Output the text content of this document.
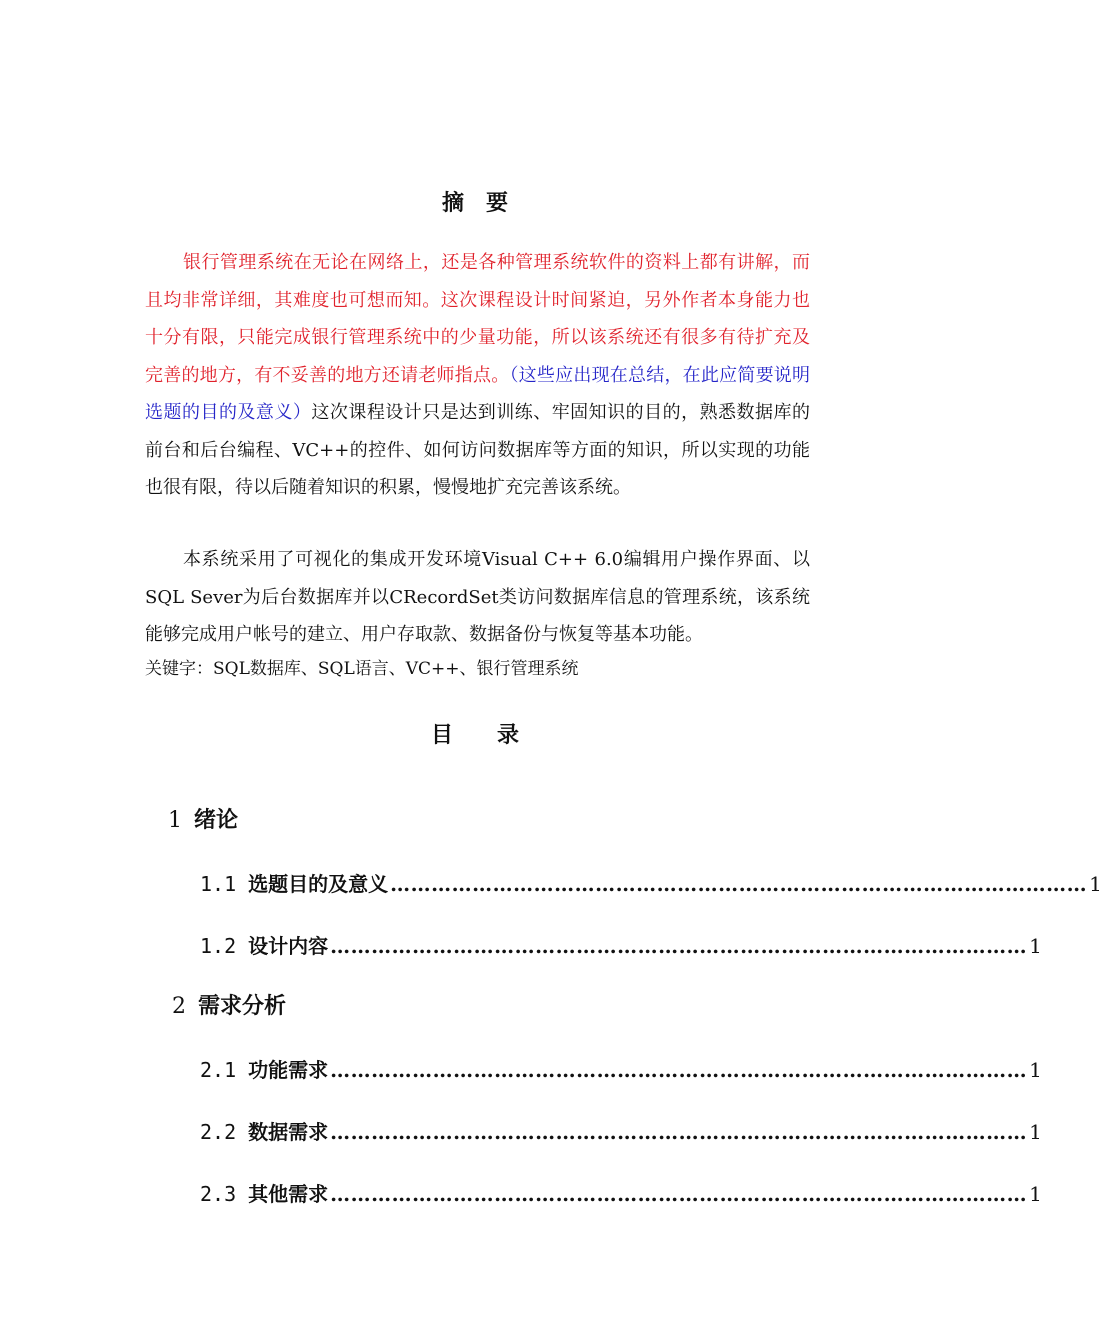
摘 要

银行管理系统在无论在网络上，还是各种管理系统软件的资料上都有讲解，而且均非常详细，其难度也可想而知。这次课程设计时间紧迫，另外作者本身能力也十分有限，只能完成银行管理系统中的少量功能，所以该系统还有很多有待扩充及完善的地方，有不妥善的地方还请老师指点。（这些应出现在总结，在此应简要说明选题的目的及意义）这次课程设计只是达到训练、牢固知识的目的，熟悉数据库的前台和后台编程、VC++的控件、如何访问数据库等方面的知识，所以实现的功能也很有限，待以后随着知识的积累，慢慢地扩充完善该系统。

本系统采用了可视化的集成开发环境Visual C++ 6.0编辑用户操作界面、以SQL Sever为后台数据库并以CRecordSet类访问数据库信息的管理系统，该系统能够完成用户帐号的建立、用户存取款、数据备份与恢复等基本功能。

关键字：SQL数据库、SQL语言、VC++、银行管理系统

目 录
1 绪论
1.1 选题目的及意义 ………………………………………………………………………………………… 1
1.2 设计内容 ………………………………………………………………………………………… 1
2 需求分析
2.1 功能需求 ………………………………………………………………………………………… 1
2.2 数据需求 ………………………………………………………………………………………… 1
2.3 其他需求 ………………………………………………………………………………………… 1
